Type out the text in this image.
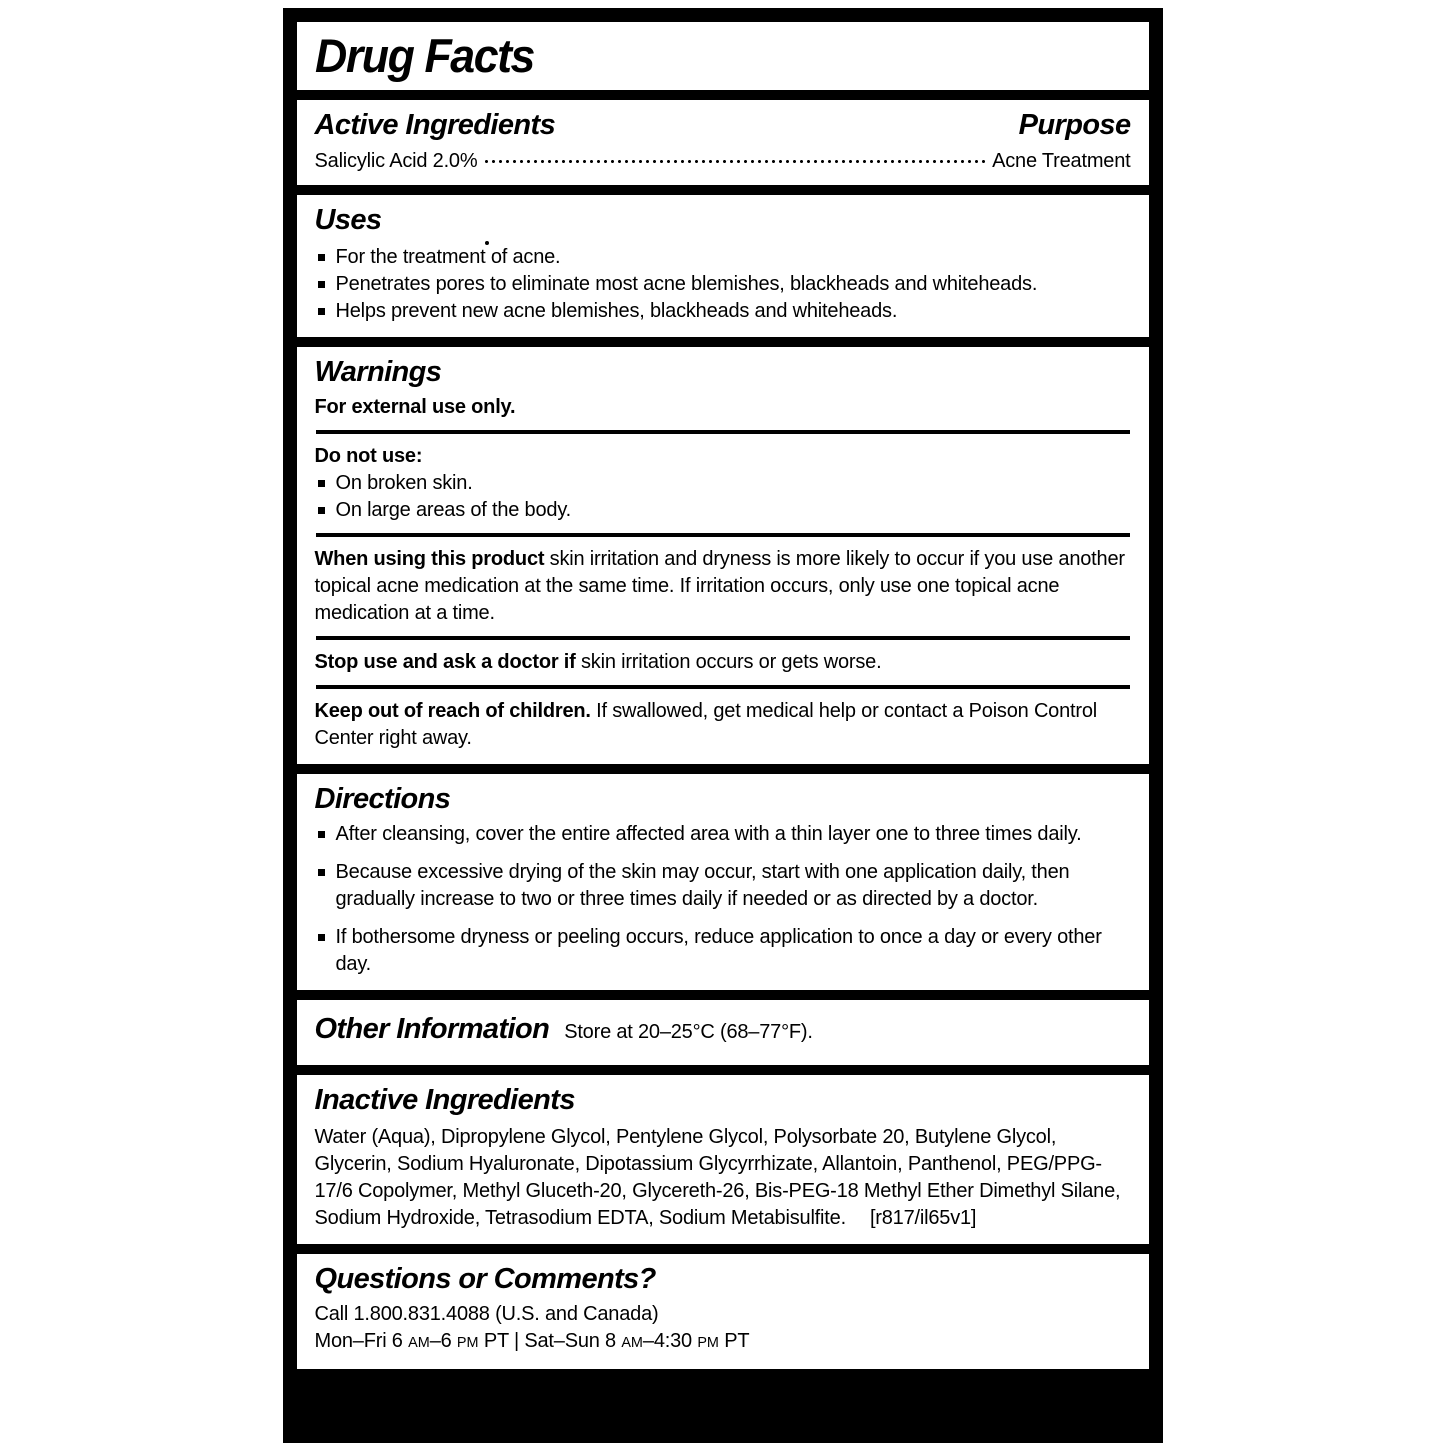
Drug Facts
Active Ingredients	Purpose
Salicylic Acid 2.0%	Acne Treatment
Uses
For the treatment of acne.
Penetrates pores to eliminate most acne blemishes, blackheads and whiteheads.
Helps prevent new acne blemishes, blackheads and whiteheads.
Warnings

For external use only.

Do not use:

On broken skin.
On large areas of the body.

When using this product skin irritation and dryness is more likely to occur if you use another topical acne medication at the same time. If irritation occurs, only use one topical acne medication at a time.

Stop use and ask a doctor if skin irritation occurs or gets worse.

Keep out of reach of children. If swallowed, get medical help or contact a Poison Control Center right away.

Directions
After cleansing, cover the entire affected area with a thin layer one to three times daily.
Because excessive drying of the skin may occur, start with one application daily, then gradually increase to two or three times daily if needed or as directed by a doctor.
If bothersome dryness or peeling occurs, reduce application to once a day or every other day.
Other Information Store at 20–25°C (68–77°F).
Inactive Ingredients

Water (Aqua), Dipropylene Glycol, Pentylene Glycol, Polysorbate 20, Butylene Glycol, Glycerin, Sodium Hyaluronate, Dipotassium Glycyrrhizate, Allantoin, Panthenol, PEG/PPG-17/6 Copolymer, Methyl Gluceth-20, Glycereth-26, Bis-PEG-18 Methyl Ether Dimethyl Silane, Sodium Hydroxide, Tetrasodium EDTA, Sodium Metabisulfite. [r817/il65v1]

Questions or Comments?

Call 1.800.831.4088 (U.S. and Canada)

Mon–Fri 6 AM–6 PM PT | Sat–Sun 8 AM–4:30 PM PT
